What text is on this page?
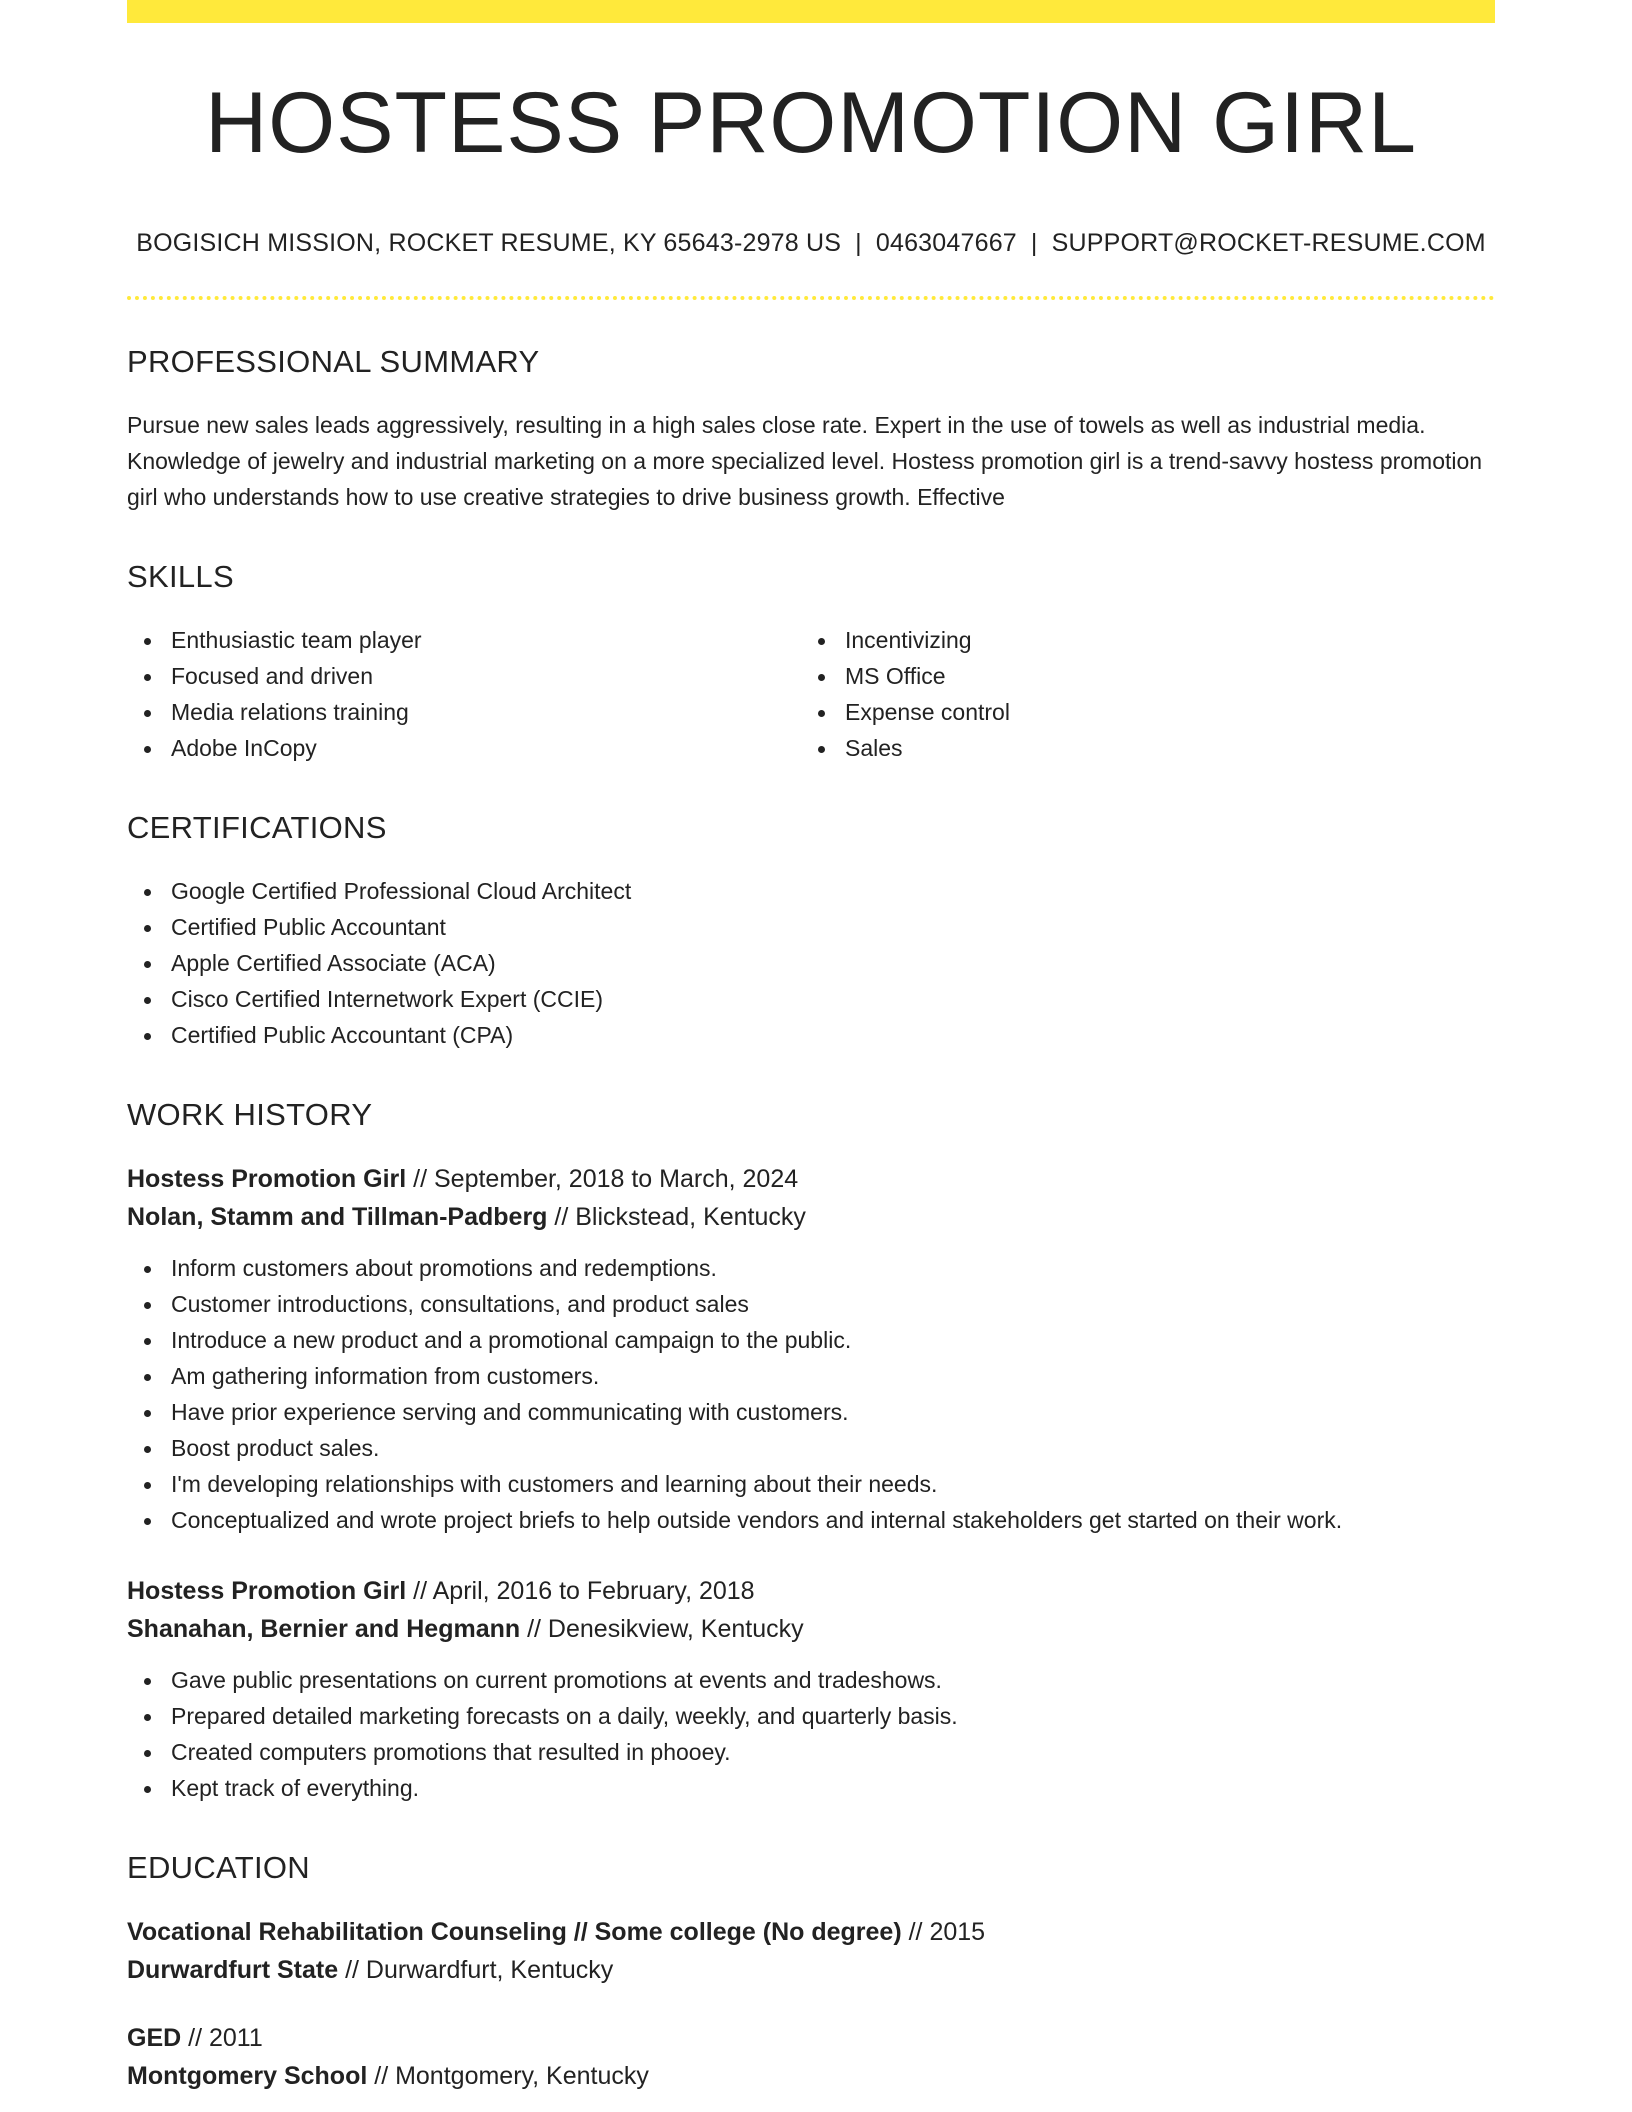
HOSTESS PROMOTION GIRL
BOGISICH MISSION, ROCKET RESUME, KY 65643-2978 US | 0463047667 | SUPPORT@ROCKET-RESUME.COM
PROFESSIONAL SUMMARY
Pursue new sales leads aggressively, resulting in a high sales close rate. Expert in the use of towels as well as industrial media. Knowledge of jewelry and industrial marketing on a more specialized level. Hostess promotion girl is a trend-savvy hostess promotion girl who understands how to use creative strategies to drive business growth. Effective
SKILLS
Enthusiastic team player
Focused and driven
Media relations training
Adobe InCopy
Incentivizing
MS Office
Expense control
Sales
CERTIFICATIONS
Google Certified Professional Cloud Architect
Certified Public Accountant
Apple Certified Associate (ACA)
Cisco Certified Internetwork Expert (CCIE)
Certified Public Accountant (CPA)
WORK HISTORY
Hostess Promotion Girl // September, 2018 to March, 2024
Nolan, Stamm and Tillman-Padberg // Blickstead, Kentucky
Inform customers about promotions and redemptions.
Customer introductions, consultations, and product sales
Introduce a new product and a promotional campaign to the public.
Am gathering information from customers.
Have prior experience serving and communicating with customers.
Boost product sales.
I'm developing relationships with customers and learning about their needs.
Conceptualized and wrote project briefs to help outside vendors and internal stakeholders get started on their work.
Hostess Promotion Girl // April, 2016 to February, 2018
Shanahan, Bernier and Hegmann // Denesikview, Kentucky
Gave public presentations on current promotions at events and tradeshows.
Prepared detailed marketing forecasts on a daily, weekly, and quarterly basis.
Created computers promotions that resulted in phooey.
Kept track of everything.
EDUCATION
Vocational Rehabilitation Counseling // Some college (No degree) // 2015
Durwardfurt State // Durwardfurt, Kentucky
GED // 2011
Montgomery School // Montgomery, Kentucky
